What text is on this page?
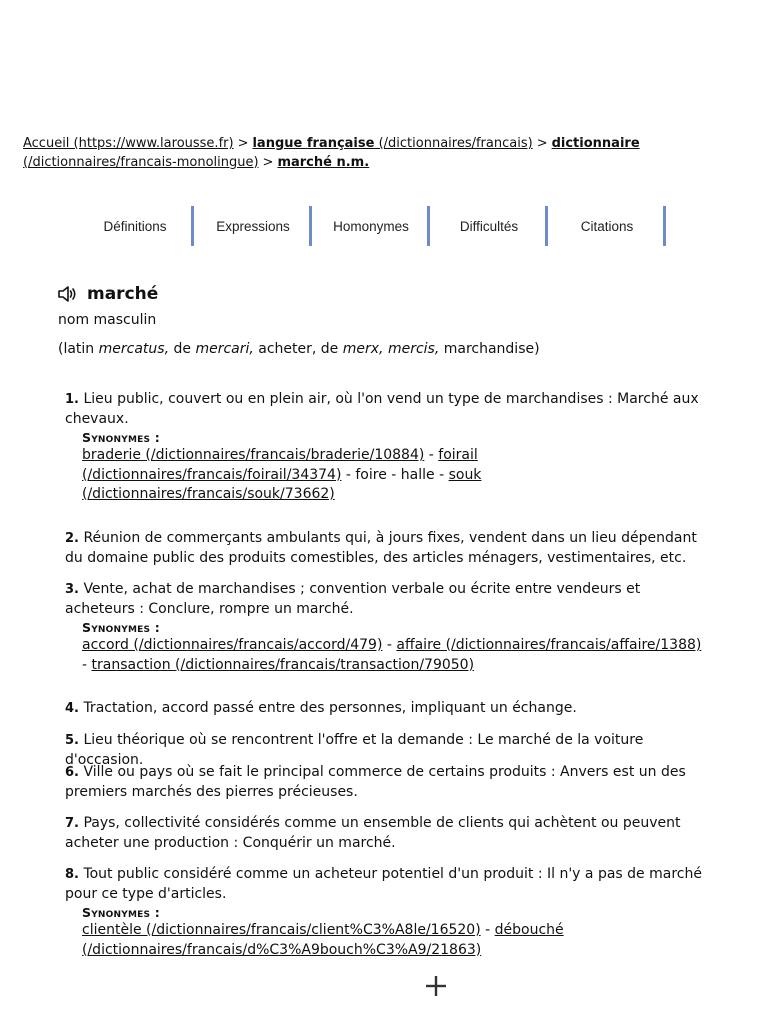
Accueil (https://www.larousse.fr) > langue française (/dictionnaires/francais) > dictionnaire (/dictionnaires/francais-monolingue) > marché n.m.
Définitions	Expressions	Homonymes	Difficultés	Citations
marché
nom masculin
(latin mercatus, de mercari, acheter, de merx, mercis, marchandise)
1. Lieu public, couvert ou en plein air, où l'on vend un type de marchandises : Marché aux chevaux.
Synonymes :
braderie (/dictionnaires/francais/braderie/10884) - foirail (/dictionnaires/francais/foirail/34374) - foire - halle - souk (/dictionnaires/francais/souk/73662)
2. Réunion de commerçants ambulants qui, à jours fixes, vendent dans un lieu dépendant du domaine public des produits comestibles, des articles ménagers, vestimentaires, etc.
3. Vente, achat de marchandises ; convention verbale ou écrite entre vendeurs et acheteurs : Conclure, rompre un marché.
Synonymes :
accord (/dictionnaires/francais/accord/479) - affaire (/dictionnaires/francais/affaire/1388) - transaction (/dictionnaires/francais/transaction/79050)
4. Tractation, accord passé entre des personnes, impliquant un échange.
5. Lieu théorique où se rencontrent l'offre et la demande : Le marché de la voiture d'occasion.
6. Ville ou pays où se fait le principal commerce de certains produits : Anvers est un des premiers marchés des pierres précieuses.
7. Pays, collectivité considérés comme un ensemble de clients qui achètent ou peuvent acheter une production : Conquérir un marché.
8. Tout public considéré comme un acheteur potentiel d'un produit : Il n'y a pas de marché pour ce type d'articles.
Synonymes :
clientèle (/dictionnaires/francais/client%C3%A8le/16520) - débouché (/dictionnaires/francais/d%C3%A9bouch%C3%A9/21863)
